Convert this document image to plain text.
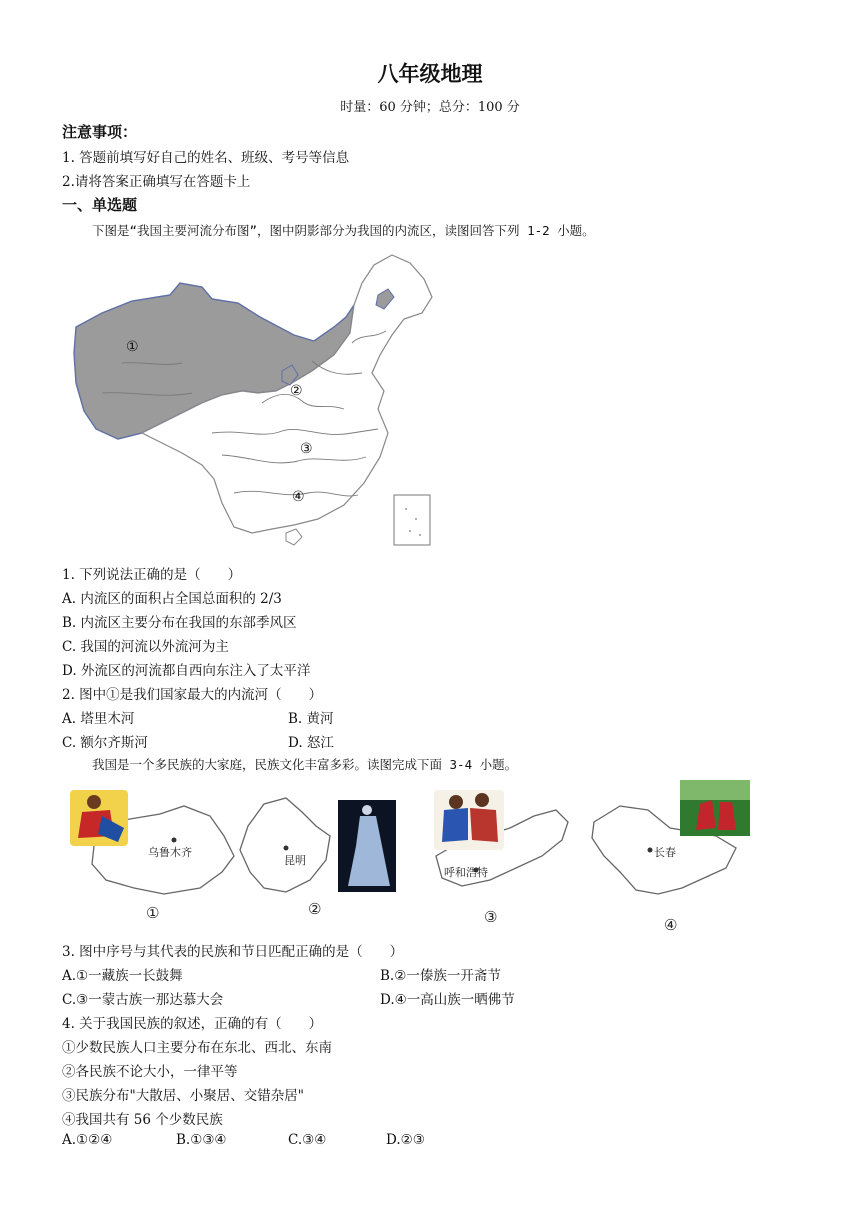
八年级地理
时量：60 分钟；总分：100 分
注意事项：
1. 答题前填写好自己的姓名、班级、考号等信息
2.请将答案正确填写在答题卡上
一、单选题
下图是“我国主要河流分布图”，图中阴影部分为我国的内流区，读图回答下列 1-2 小题。
①
②
③
④
1. 下列说法正确的是（　　）
A. 内流区的面积占全国总面积的 2/3
B. 内流区主要分布在我国的东部季风区
C. 我国的河流以外流河为主
D. 外流区的河流都自西向东注入了太平洋
2. 图中①是我们国家最大的内流河（　　）
A. 塔里木河	B. 黄河
C. 额尔齐斯河	D. 怒江
我国是一个多民族的大家庭，民族文化丰富多彩。读图完成下面 3-4 小题。
乌鲁木齐
①
昆明
②
呼和浩特
③
长春
④
3. 图中序号与其代表的民族和节日匹配正确的是（　　）
A.①一藏族一长鼓舞	B.②一傣族一开斋节
C.③一蒙古族一那达慕大会	D.④一高山族一晒佛节
4. 关于我国民族的叙述，正确的有（　　）
①少数民族人口主要分布在东北、西北、东南
②各民族不论大小，一律平等
③民族分布"大散居、小聚居、交错杂居"
④我国共有 56 个少数民族
A.①②④	B.①③④	C.③④	D.②③
